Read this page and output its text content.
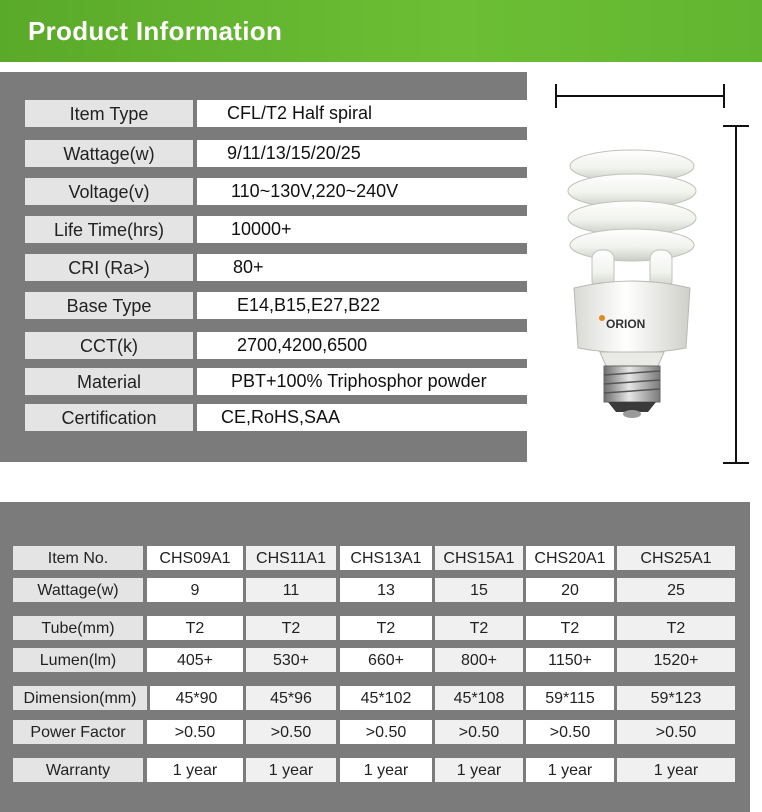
Product Information
Item Type	CFL/T2 Half spiral
Wattage(w)	9/11/13/15/20/25
Voltage(v)	110~130V,220~240V
Life Time(hrs)	10000+
CRI (Ra>)	80+
Base Type	E14,B15,E27,B22
CCT(k)	2700,4200,6500
Material	PBT+100% Triphosphor powder
Certification	CE,RoHS,SAA
ORION
Item No.	CHS09A1	CHS11A1	CHS13A1	CHS15A1	CHS20A1	CHS25A1
Wattage(w)	9	11	13	15	20	25
Tube(mm)	T2	T2	T2	T2	T2	T2
Lumen(lm)	405+	530+	660+	800+	1150+	1520+
Dimension(mm)	45*90	45*96	45*102	45*108	59*115	59*123
Power Factor	>0.50	>0.50	>0.50	>0.50	>0.50	>0.50
Warranty	1 year	1 year	1 year	1 year	1 year	1 year
